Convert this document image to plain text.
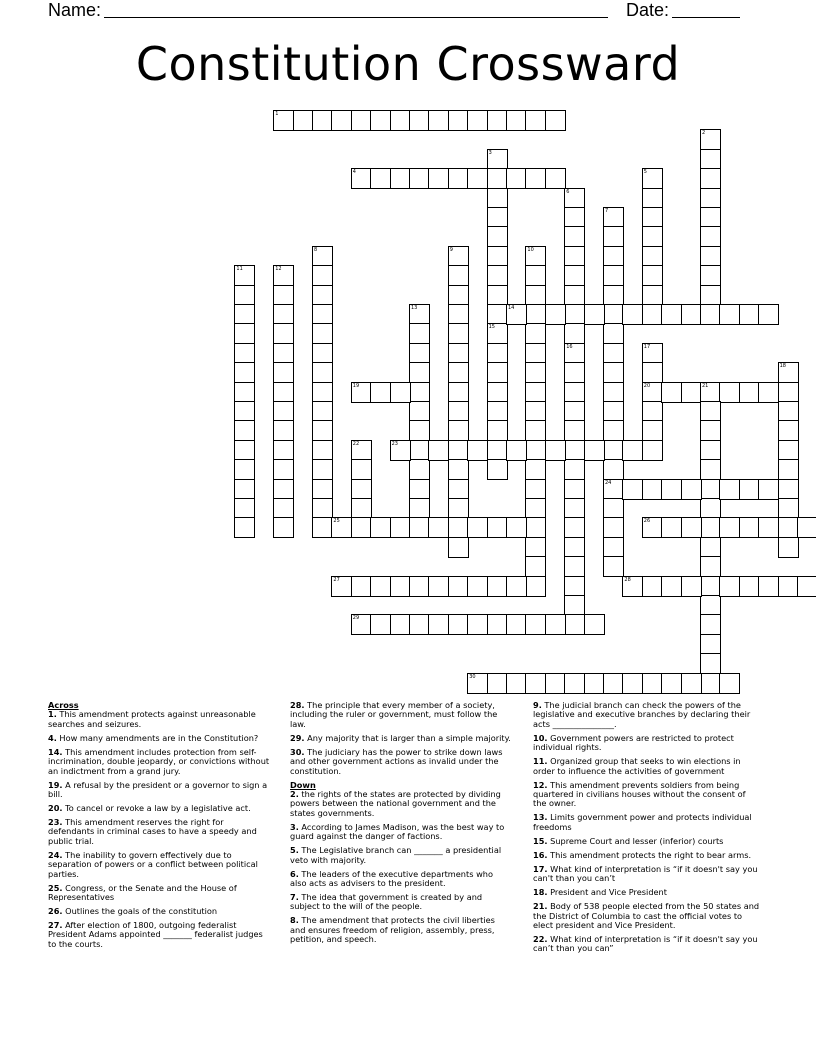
Name:	Date:
Constitution Crossward
1
2
3
15
4	5
6
7
24
8	9	10
11	12
13	14
16	17
20
18
19	21
22	23
25	26
27	28
29
30
Across
1. This amendment protects against unreasonable searches and seizures.
4. How many amendments are in the Constitution?
14. This amendment includes protection from self-incrimination, double jeopardy, or convictions without an indictment from a grand jury.
19. A refusal by the president or a governor to sign a bill.
20. To cancel or revoke a law by a legislative act.
23. This amendment reserves the right for defendants in criminal cases to have a speedy and public trial.
24. The inability to govern effectively due to separation of powers or a conflict between political parties.
25. Congress, or the Senate and the House of Representatives
26. Outlines the goals of the constitution
27. After election of 1800, outgoing federalist President Adams appointed _______ federalist judges to the courts.
28. The principle that every member of a society, including the ruler or government, must follow the law.
29. Any majority that is larger than a simple majority.
30. The judiciary has the power to strike down laws and other government actions as invalid under the constitution.
Down
2. the rights of the states are protected by dividing powers between the national government and the states governments.
3. According to James Madison, was the best way to guard against the danger of factions.
5. The Legislative branch can _______ a presidential veto with majority.
6. The leaders of the executive departments who also acts as advisers to the president.
7. The idea that government is created by and subject to the will of the people.
8. The amendment that protects the civil liberties and ensures freedom of religion, assembly, press, petition, and speech.
9. The judicial branch can check the powers of the legislative and executive branches by declaring their acts _______________.
10. Government powers are restricted to protect individual rights.
11. Organized group that seeks to win elections in order to influence the activities of government
12. This amendment prevents soldiers from being quartered in civilians houses without the consent of the owner.
13. Limits government power and protects individual freedoms
15. Supreme Court and lesser (inferior) courts
16. This amendment protects the right to bear arms.
17. What kind of interpretation is “if it doesn't say you can't than you can’t
18. President and Vice President
21. Body of 538 people elected from the 50 states and the District of Columbia to cast the official votes to elect president and Vice President.
22. What kind of interpretation is “if it doesn't say you can’t than you can”
